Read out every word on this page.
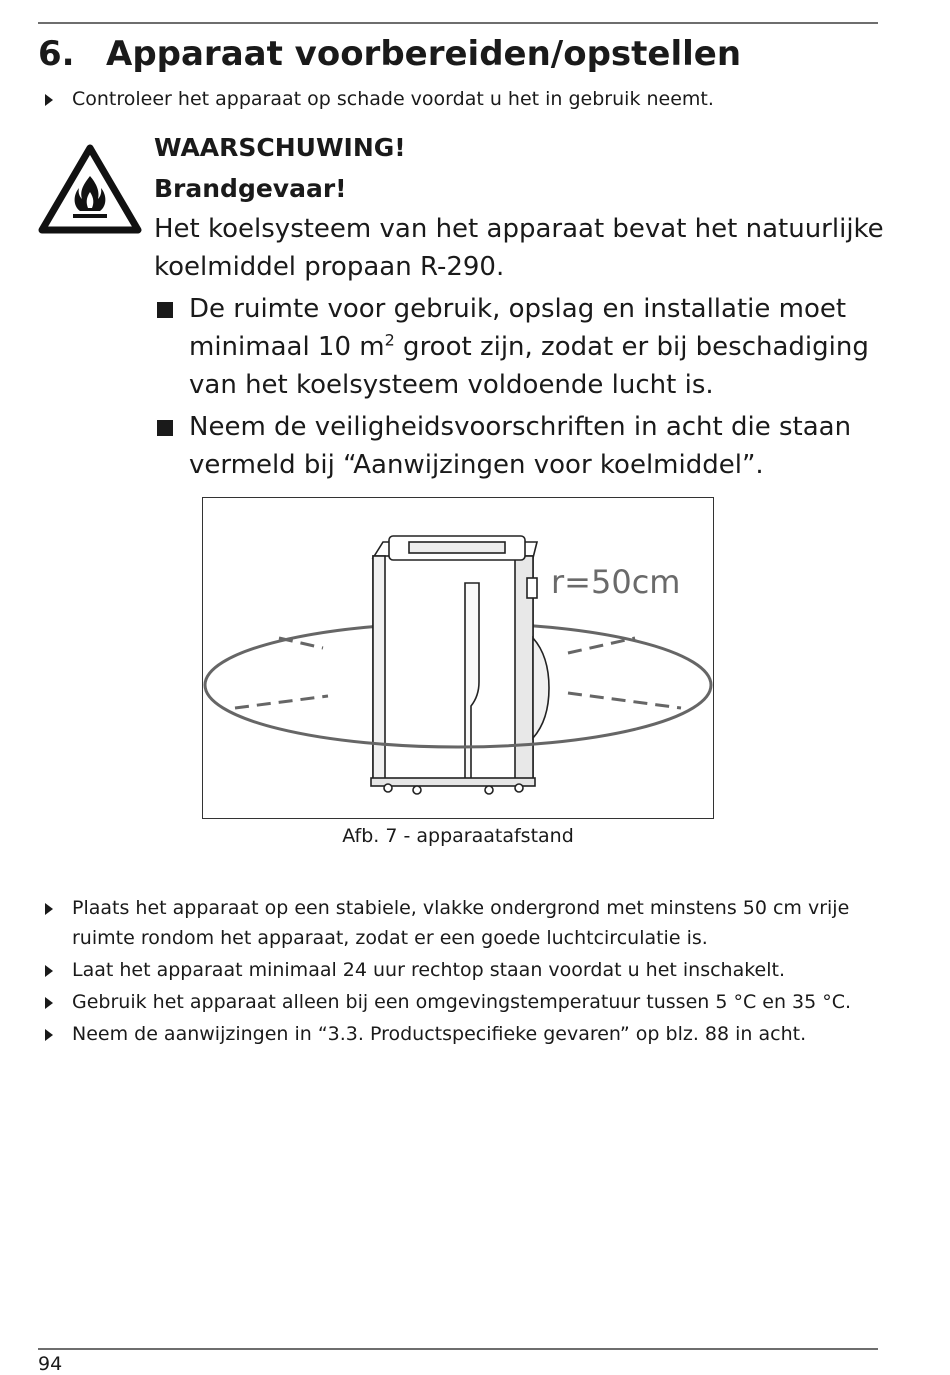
6. Apparaat voorbereiden/opstellen
Controleer het apparaat op schade voordat u het in gebruik neemt.

WAARSCHUWING!

Brandgevaar!

Het koelsysteem van het apparaat bevat het natuurlijke

koelmiddel propaan R-290.

De ruimte voor gebruik, opslag en installatie moet
minimaal 10 $m^2$ groot zijn, zodat er bij beschadiging
van het koelsysteem voldoende lucht is.
Neem de veiligheidsvoorschriften in acht die staan
vermeld bij “Aanwijzingen voor koelmiddel”.
r=50cm
Afb. 7 - apparaatafstand
Plaats het apparaat op een stabiele, vlakke ondergrond met minstens 50 cm vrije
ruimte rondom het apparaat, zodat er een goede luchtcirculatie is.
Laat het apparaat minimaal 24 uur rechtop staan voordat u het inschakelt.
Gebruik het apparaat alleen bij een omgevingstemperatuur tussen 5 °C en 35 °C.
Neem de aanwijzingen in “3.3. Productspecifieke gevaren” op blz. 88 in acht.
94
